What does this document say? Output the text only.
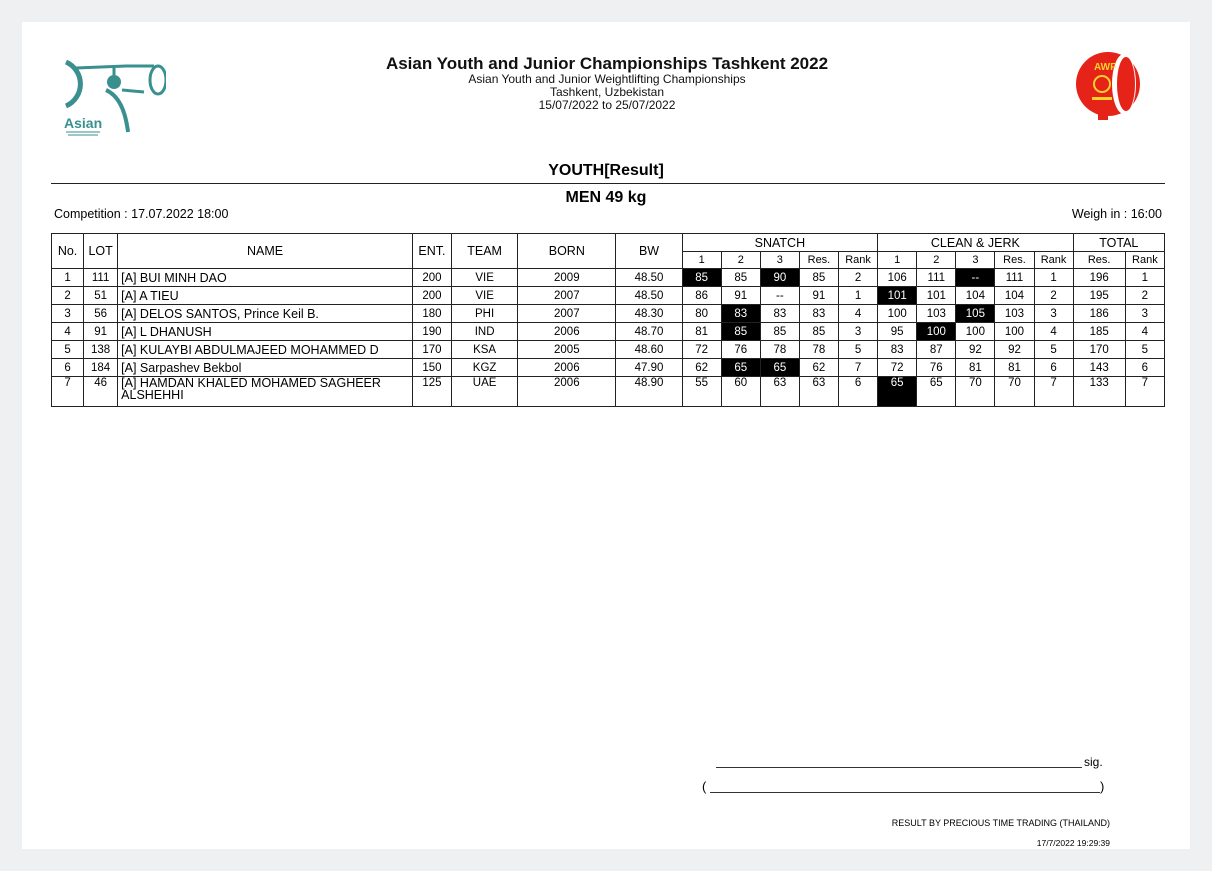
Asian
Asian Youth and Junior Championships Tashkent 2022
Asian Youth and Junior Weightlifting Championships
Tashkent, Uzbekistan
15/07/2022 to 25/07/2022
AWF
YOUTH[Result]
MEN 49 kg
Competition : 17.07.2022 18:00	Weigh in : 16:00
No.	LOT	NAME	ENT.	TEAM	BORN	BW	SNATCH					CLEAN & JERK					TOTAL	
							1	2	3	Res.	Rank	1	2	3	Res.	Rank	Res.	Rank
1	111	[A] BUI MINH DAO	200	VIE	2009	48.50	85	85	90	85	2	106	111	--	111	1	196	1
2	51	[A] A TIEU	200	VIE	2007	48.50	86	91	--	91	1	101	101	104	104	2	195	2
3	56	[A] DELOS SANTOS, Prince Keil B.	180	PHI	2007	48.30	80	83	83	83	4	100	103	105	103	3	186	3
4	91	[A] L DHANUSH	190	IND	2006	48.70	81	85	85	85	3	95	100	100	100	4	185	4
5	138	[A] KULAYBI ABDULMAJEED MOHAMMED D	170	KSA	2005	48.60	72	76	78	78	5	83	87	92	92	5	170	5
6	184	[A] Sarpashev Bekbol	150	KGZ	2006	47.90	62	65	65	62	7	72	76	81	81	6	143	6
7	46	[A] HAMDAN KHALED MOHAMED SAGHEER ALSHEHHI	125	UAE	2006	48.90	55	60	63	63	6	65	65	70	70	7	133	7
sig.
(	)
RESULT BY PRECIOUS TIME TRADING (THAILAND)
17/7/2022 19:29:39
